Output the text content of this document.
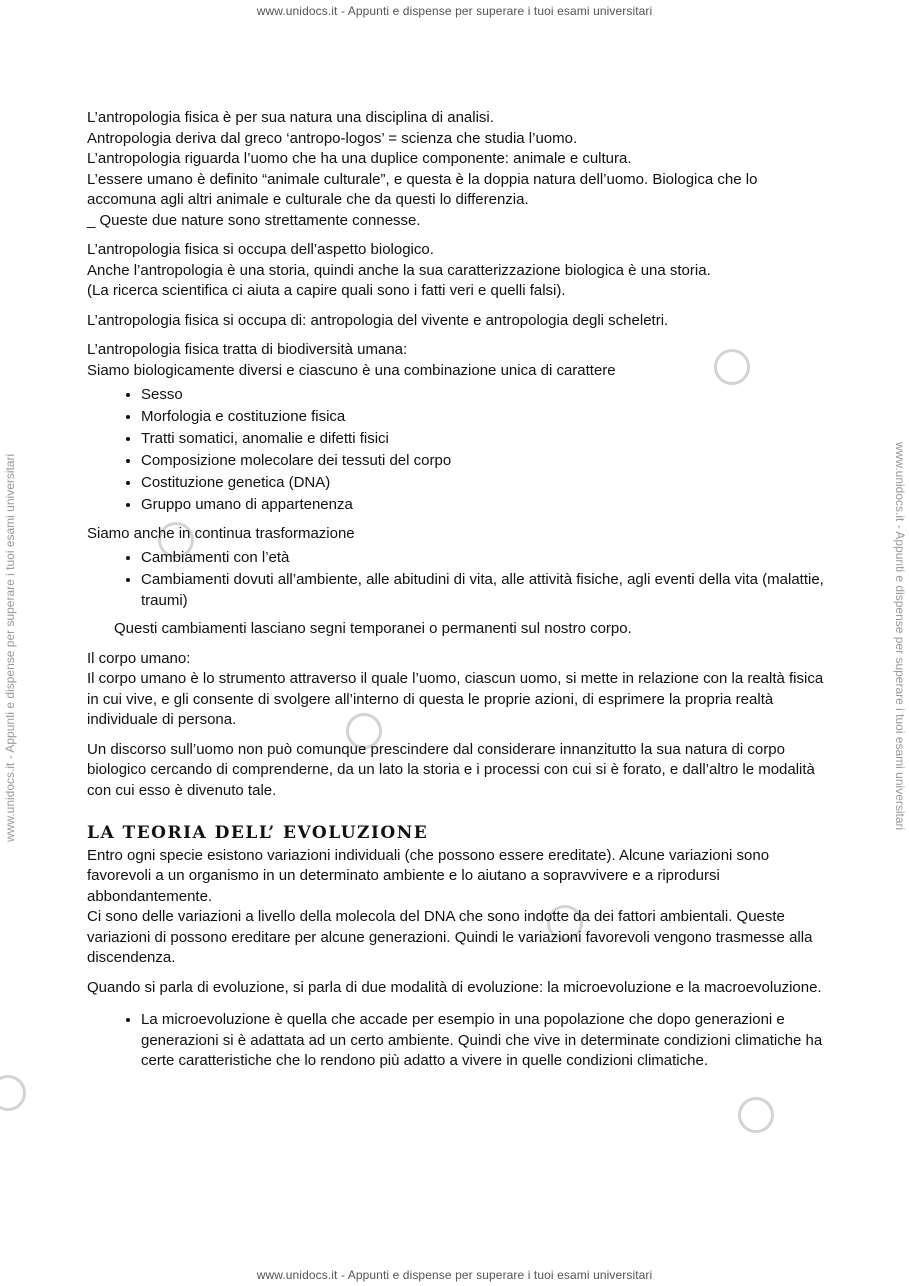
www.unidocs.it - Appunti e dispense per superare i tuoi esami universitari
www.unidocs.it - Appunti e dispense per superare i tuoi esami universitari
www.unidocs.it - Appunti e dispense per superare i tuoi esami universitari	www.unidocs.it - Appunti e dispense per superare i tuoi esami universitari
L’antropologia fisica è per sua natura una disciplina di analisi.
Antropologia deriva dal greco ‘antropo-logos’ = scienza che studia l’uomo.
L’antropologia riguarda l’uomo che ha una duplice componente: animale e cultura.
L’essere umano è definito “animale culturale”, e questa è la doppia natura dell’uomo. Biologica che lo accomuna agli altri animale e culturale che da questi lo differenzia.
_ Queste due nature sono strettamente connesse.
L’antropologia fisica si occupa dell’aspetto biologico.
Anche l’antropologia è una storia, quindi anche la sua caratterizzazione biologica è una storia.
(La ricerca scientifica ci aiuta a capire quali sono i fatti veri e quelli falsi).
L’antropologia fisica si occupa di: antropologia del vivente e antropologia degli scheletri.
L’antropologia fisica tratta di biodiversità umana:
Siamo biologicamente diversi e ciascuno è una combinazione unica di carattere
• Sesso
• Morfologia e costituzione fisica
• Tratti somatici, anomalie e difetti fisici
• Composizione molecolare dei tessuti del corpo
• Costituzione genetica (DNA)
• Gruppo umano di appartenenza
Siamo anche in continua trasformazione
• Cambiamenti con l’età
• Cambiamenti dovuti all’ambiente, alle abitudini di vita, alle attività fisiche, agli eventi della vita (malattie, traumi)
Questi cambiamenti lasciano segni temporanei o permanenti sul nostro corpo.
Il corpo umano:
Il corpo umano è lo strumento attraverso il quale l’uomo, ciascun uomo, si mette in relazione con la realtà fisica in cui vive, e gli consente di svolgere all’interno di questa le proprie azioni, di esprimere la propria realtà individuale di persona.
Un discorso sull’uomo non può comunque prescindere dal considerare innanzitutto la sua natura di corpo biologico cercando di comprenderne, da un lato la storia e i processi con cui si è forato, e dall’altro le modalità con cui esso è divenuto tale.
LA TEORIA DELL’ EVOLUZIONE
Entro ogni specie esistono variazioni individuali (che possono essere ereditate). Alcune variazioni sono favorevoli a un organismo in un determinato ambiente e lo aiutano a sopravvivere e a riprodursi abbondantemente.
Ci sono delle variazioni a livello della molecola del DNA che sono indotte da dei fattori ambientali. Queste variazioni di possono ereditare per alcune generazioni. Quindi le variazioni favorevoli vengono trasmesse alla discendenza.
Quando si parla di evoluzione, si parla di due modalità di evoluzione: la microevoluzione e la macroevoluzione.
• La microevoluzione è quella che accade per esempio in una popolazione che dopo generazioni e generazioni si è adattata ad un certo ambiente. Quindi che vive in determinate condizioni climatiche ha certe caratteristiche che lo rendono più adatto a vivere in quelle condizioni climatiche.
